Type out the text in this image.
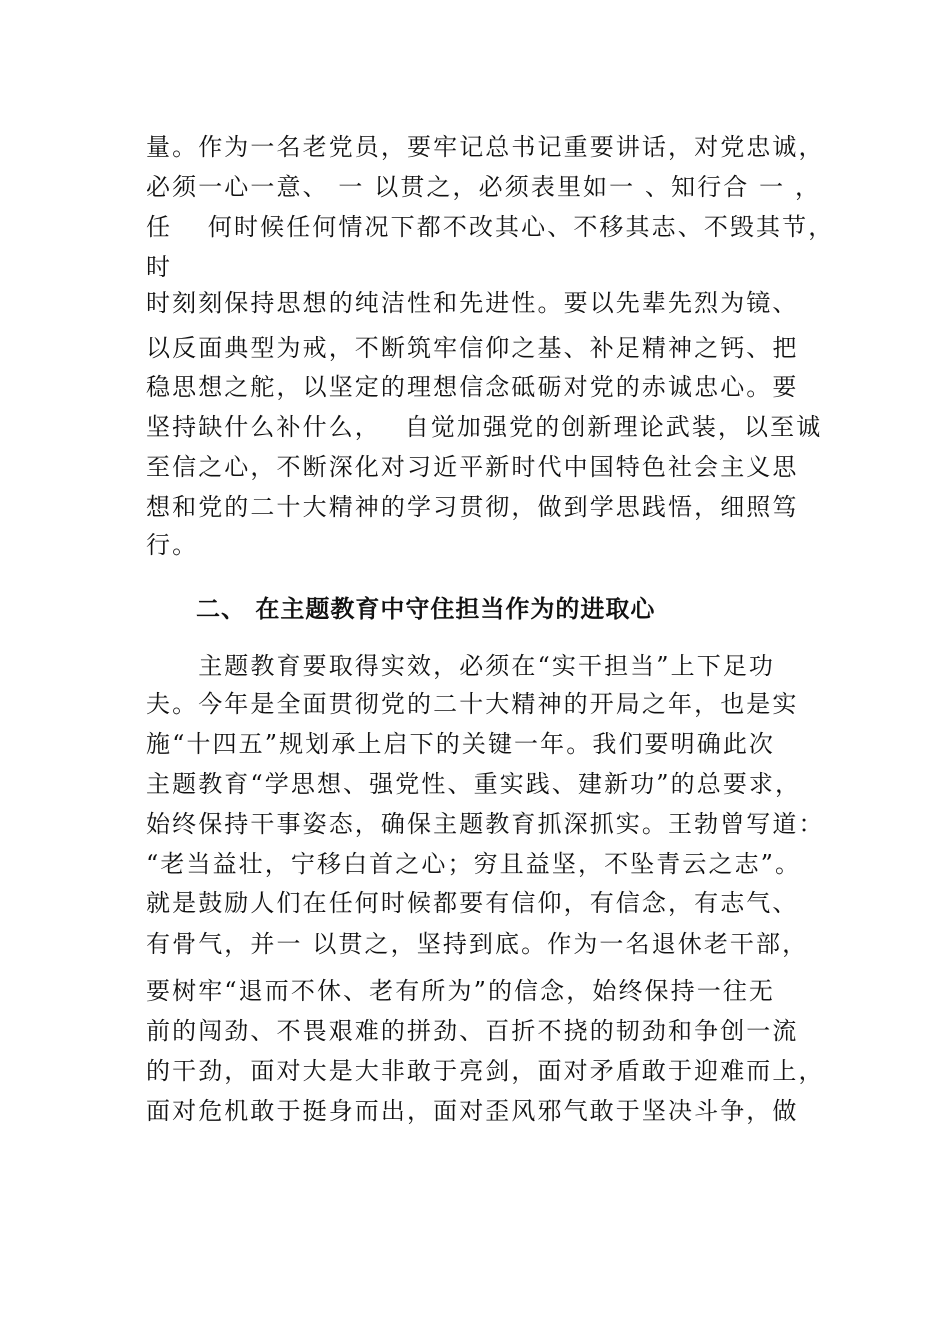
量。作为一名老党员，要牢记总书记重要讲话，对党忠诚，
必须一心一意、 一 以贯之，必须表里如一 、知行合 一 ，
任　 何时候任何情况下都不改其心、不移其志、不毁其节，
时
时刻刻保持思想的纯洁性和先进性。要以先辈先烈为镜、
以反面典型为戒，不断筑牢信仰之基、补足精神之钙、把
稳思想之舵，以坚定的理想信念砥砺对党的赤诚忠心。要
坚持缺什么补什么，　 自觉加强党的创新理论武装，以至诚
至信之心，不断深化对习近平新时代中国特色社会主义思
想和党的二十大精神的学习贯彻，做到学思践悟，细照笃
行。
二、 在主题教育中守住担当作为的进取心
　　主题教育要取得实效，必须在“实干担当”上下足功
夫。今年是全面贯彻党的二十大精神的开局之年，也是实
施“十四五”规划承上启下的关键一年。我们要明确此次
主题教育“学思想、强党性、重实践、建新功”的总要求，
始终保持干事姿态，确保主题教育抓深抓实。王勃曾写道：
“老当益壮，宁移白首之心；穷且益坚，不坠青云之志”。
就是鼓励人们在任何时候都要有信仰，有信念，有志气、
有骨气，并一 以贯之，坚持到底。作为一名退休老干部，
要树牢“退而不休、老有所为”的信念，始终保持一往无
前的闯劲、不畏艰难的拼劲、百折不挠的韧劲和争创一流
的干劲，面对大是大非敢于亮剑，面对矛盾敢于迎难而上，
面对危机敢于挺身而出，面对歪风邪气敢于坚决斗争，做
